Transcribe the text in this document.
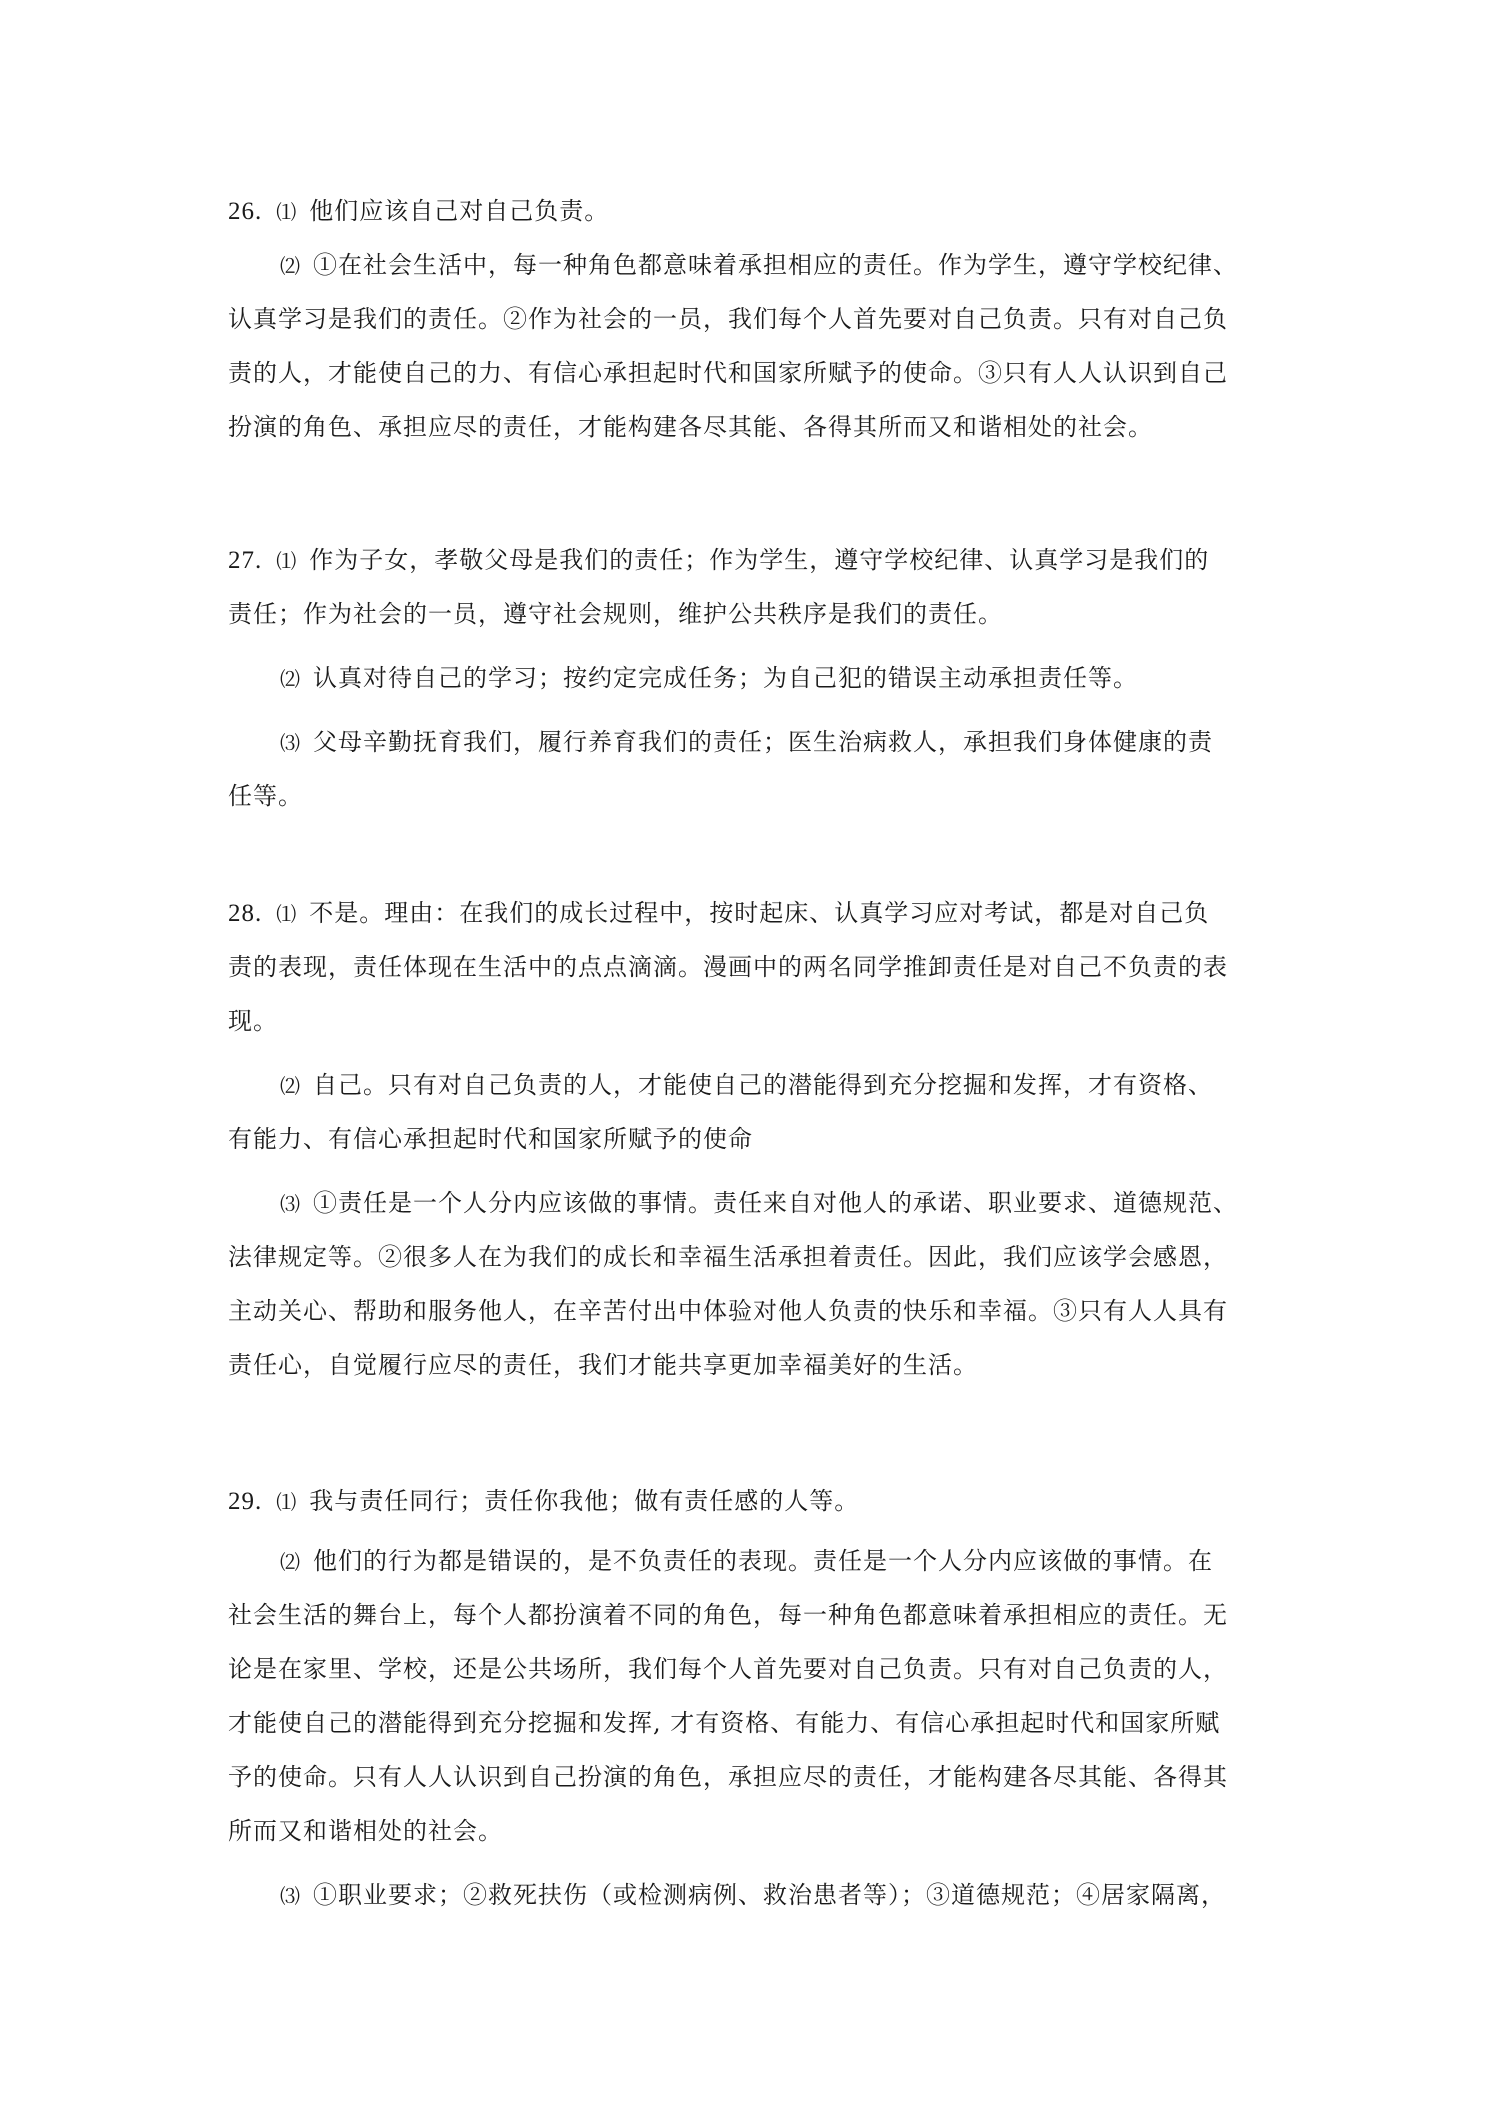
26. ⑴ 他们应该自己对自己负责。
⑵ ①在社会生活中，每一种角色都意味着承担相应的责任。作为学生，遵守学校纪律、
认真学习是我们的责任。②作为社会的一员，我们每个人首先要对自己负责。只有对自己负
责的人，才能使自己的力、有信心承担起时代和国家所赋予的使命。③只有人人认识到自己
扮演的角色、承担应尽的责任，才能构建各尽其能、各得其所而又和谐相处的社会。
27. ⑴ 作为子女，孝敬父母是我们的责任；作为学生，遵守学校纪律、认真学习是我们的
责任；作为社会的一员，遵守社会规则，维护公共秩序是我们的责任。
⑵ 认真对待自己的学习；按约定完成任务；为自己犯的错误主动承担责任等。
⑶ 父母辛勤抚育我们，履行养育我们的责任；医生治病救人，承担我们身体健康的责
任等。
28. ⑴ 不是。理由：在我们的成长过程中，按时起床、认真学习应对考试，都是对自己负
责的表现，责任体现在生活中的点点滴滴。漫画中的两名同学推卸责任是对自己不负责的表
现。
⑵ 自己。只有对自己负责的人，才能使自己的潜能得到充分挖掘和发挥，才有资格、
有能力、有信心承担起时代和国家所赋予的使命
⑶ ①责任是一个人分内应该做的事情。责任来自对他人的承诺、职业要求、道德规范、
法律规定等。②很多人在为我们的成长和幸福生活承担着责任。因此，我们应该学会感恩，
主动关心、帮助和服务他人，在辛苦付出中体验对他人负责的快乐和幸福。③只有人人具有
责任心，自觉履行应尽的责任，我们才能共享更加幸福美好的生活。
29. ⑴ 我与责任同行；责任你我他；做有责任感的人等。
⑵ 他们的行为都是错误的，是不负责任的表现。责任是一个人分内应该做的事情。在
社会生活的舞台上，每个人都扮演着不同的角色，每一种角色都意味着承担相应的责任。无
论是在家里、学校，还是公共场所，我们每个人首先要对自己负责。只有对自己负责的人，
才能使自己的潜能得到充分挖掘和发挥, 才有资格、有能力、有信心承担起时代和国家所赋
予的使命。只有人人认识到自己扮演的角色，承担应尽的责任，才能构建各尽其能、各得其
所而又和谐相处的社会。
⑶ ①职业要求；②救死扶伤（或检测病例、救治患者等）；③道德规范；④居家隔离，
